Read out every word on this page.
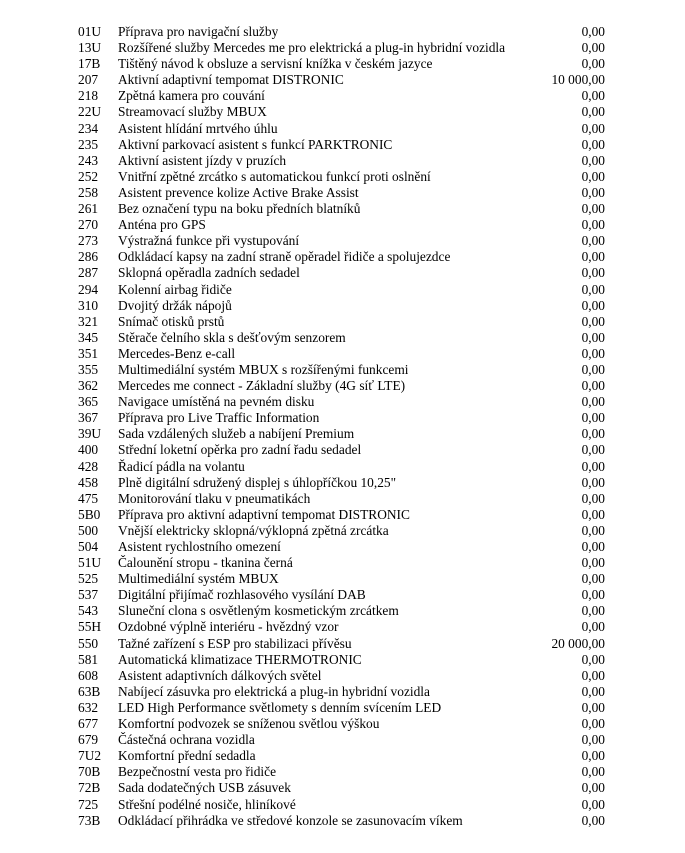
01U Příprava pro navigační služby	0,00
13U Rozšířené služby Mercedes me pro elektrická a plug-in hybridní vozidla	0,00
17B Tištěný návod k obsluze a servisní knížka v českém jazyce	0,00
207 Aktivní adaptivní tempomat DISTRONIC	10 000,00
218 Zpětná kamera pro couvání	0,00
22U Streamovací služby MBUX	0,00
234 Asistent hlídání mrtvého úhlu	0,00
235 Aktivní parkovací asistent s funkcí PARKTRONIC	0,00
243 Aktivní asistent jízdy v pruzích	0,00
252 Vnitřní zpětné zrcátko s automatickou funkcí proti oslnění	0,00
258 Asistent prevence kolize Active Brake Assist	0,00
261 Bez označení typu na boku předních blatníků	0,00
270 Anténa pro GPS	0,00
273 Výstražná funkce při vystupování	0,00
286 Odkládací kapsy na zadní straně opěradel řidiče a spolujezdce	0,00
287 Sklopná opěradla zadních sedadel	0,00
294 Kolenní airbag řidiče	0,00
310 Dvojitý držák nápojů	0,00
321 Snímač otisků prstů	0,00
345 Stěrače čelního skla s dešťovým senzorem	0,00
351 Mercedes-Benz e-call	0,00
355 Multimediální systém MBUX s rozšířenými funkcemi	0,00
362 Mercedes me connect - Základní služby (4G síť LTE)	0,00
365 Navigace umístěná na pevném disku	0,00
367 Příprava pro Live Traffic Information	0,00
39U Sada vzdálených služeb a nabíjení Premium	0,00
400 Střední loketní opěrka pro zadní řadu sedadel	0,00
428 Řadicí pádla na volantu	0,00
458 Plně digitální sdružený displej s úhlopříčkou 10,25"	0,00
475 Monitorování tlaku v pneumatikách	0,00
5B0 Příprava pro aktivní adaptivní tempomat DISTRONIC	0,00
500 Vnější elektricky sklopná/výklopná zpětná zrcátka	0,00
504 Asistent rychlostního omezení	0,00
51U Čalounění stropu - tkanina černá	0,00
525 Multimediální systém MBUX	0,00
537 Digitální přijímač rozhlasového vysílání DAB	0,00
543 Sluneční clona s osvětleným kosmetickým zrcátkem	0,00
55H Ozdobné výplně interiéru - hvězdný vzor	0,00
550 Tažné zařízení s ESP pro stabilizaci přívěsu	20 000,00
581 Automatická klimatizace THERMOTRONIC	0,00
608 Asistent adaptivních dálkových světel	0,00
63B Nabíjecí zásuvka pro elektrická a plug-in hybridní vozidla	0,00
632 LED High Performance světlomety s denním svícením LED	0,00
677 Komfortní podvozek se sníženou světlou výškou	0,00
679 Částečná ochrana vozidla	0,00
7U2 Komfortní přední sedadla	0,00
70B Bezpečnostní vesta pro řidiče	0,00
72B Sada dodatečných USB zásuvek	0,00
725 Střešní podélné nosiče, hliníkové	0,00
73B Odkládací přihrádka ve středové konzole se zasunovacím víkem	0,00
